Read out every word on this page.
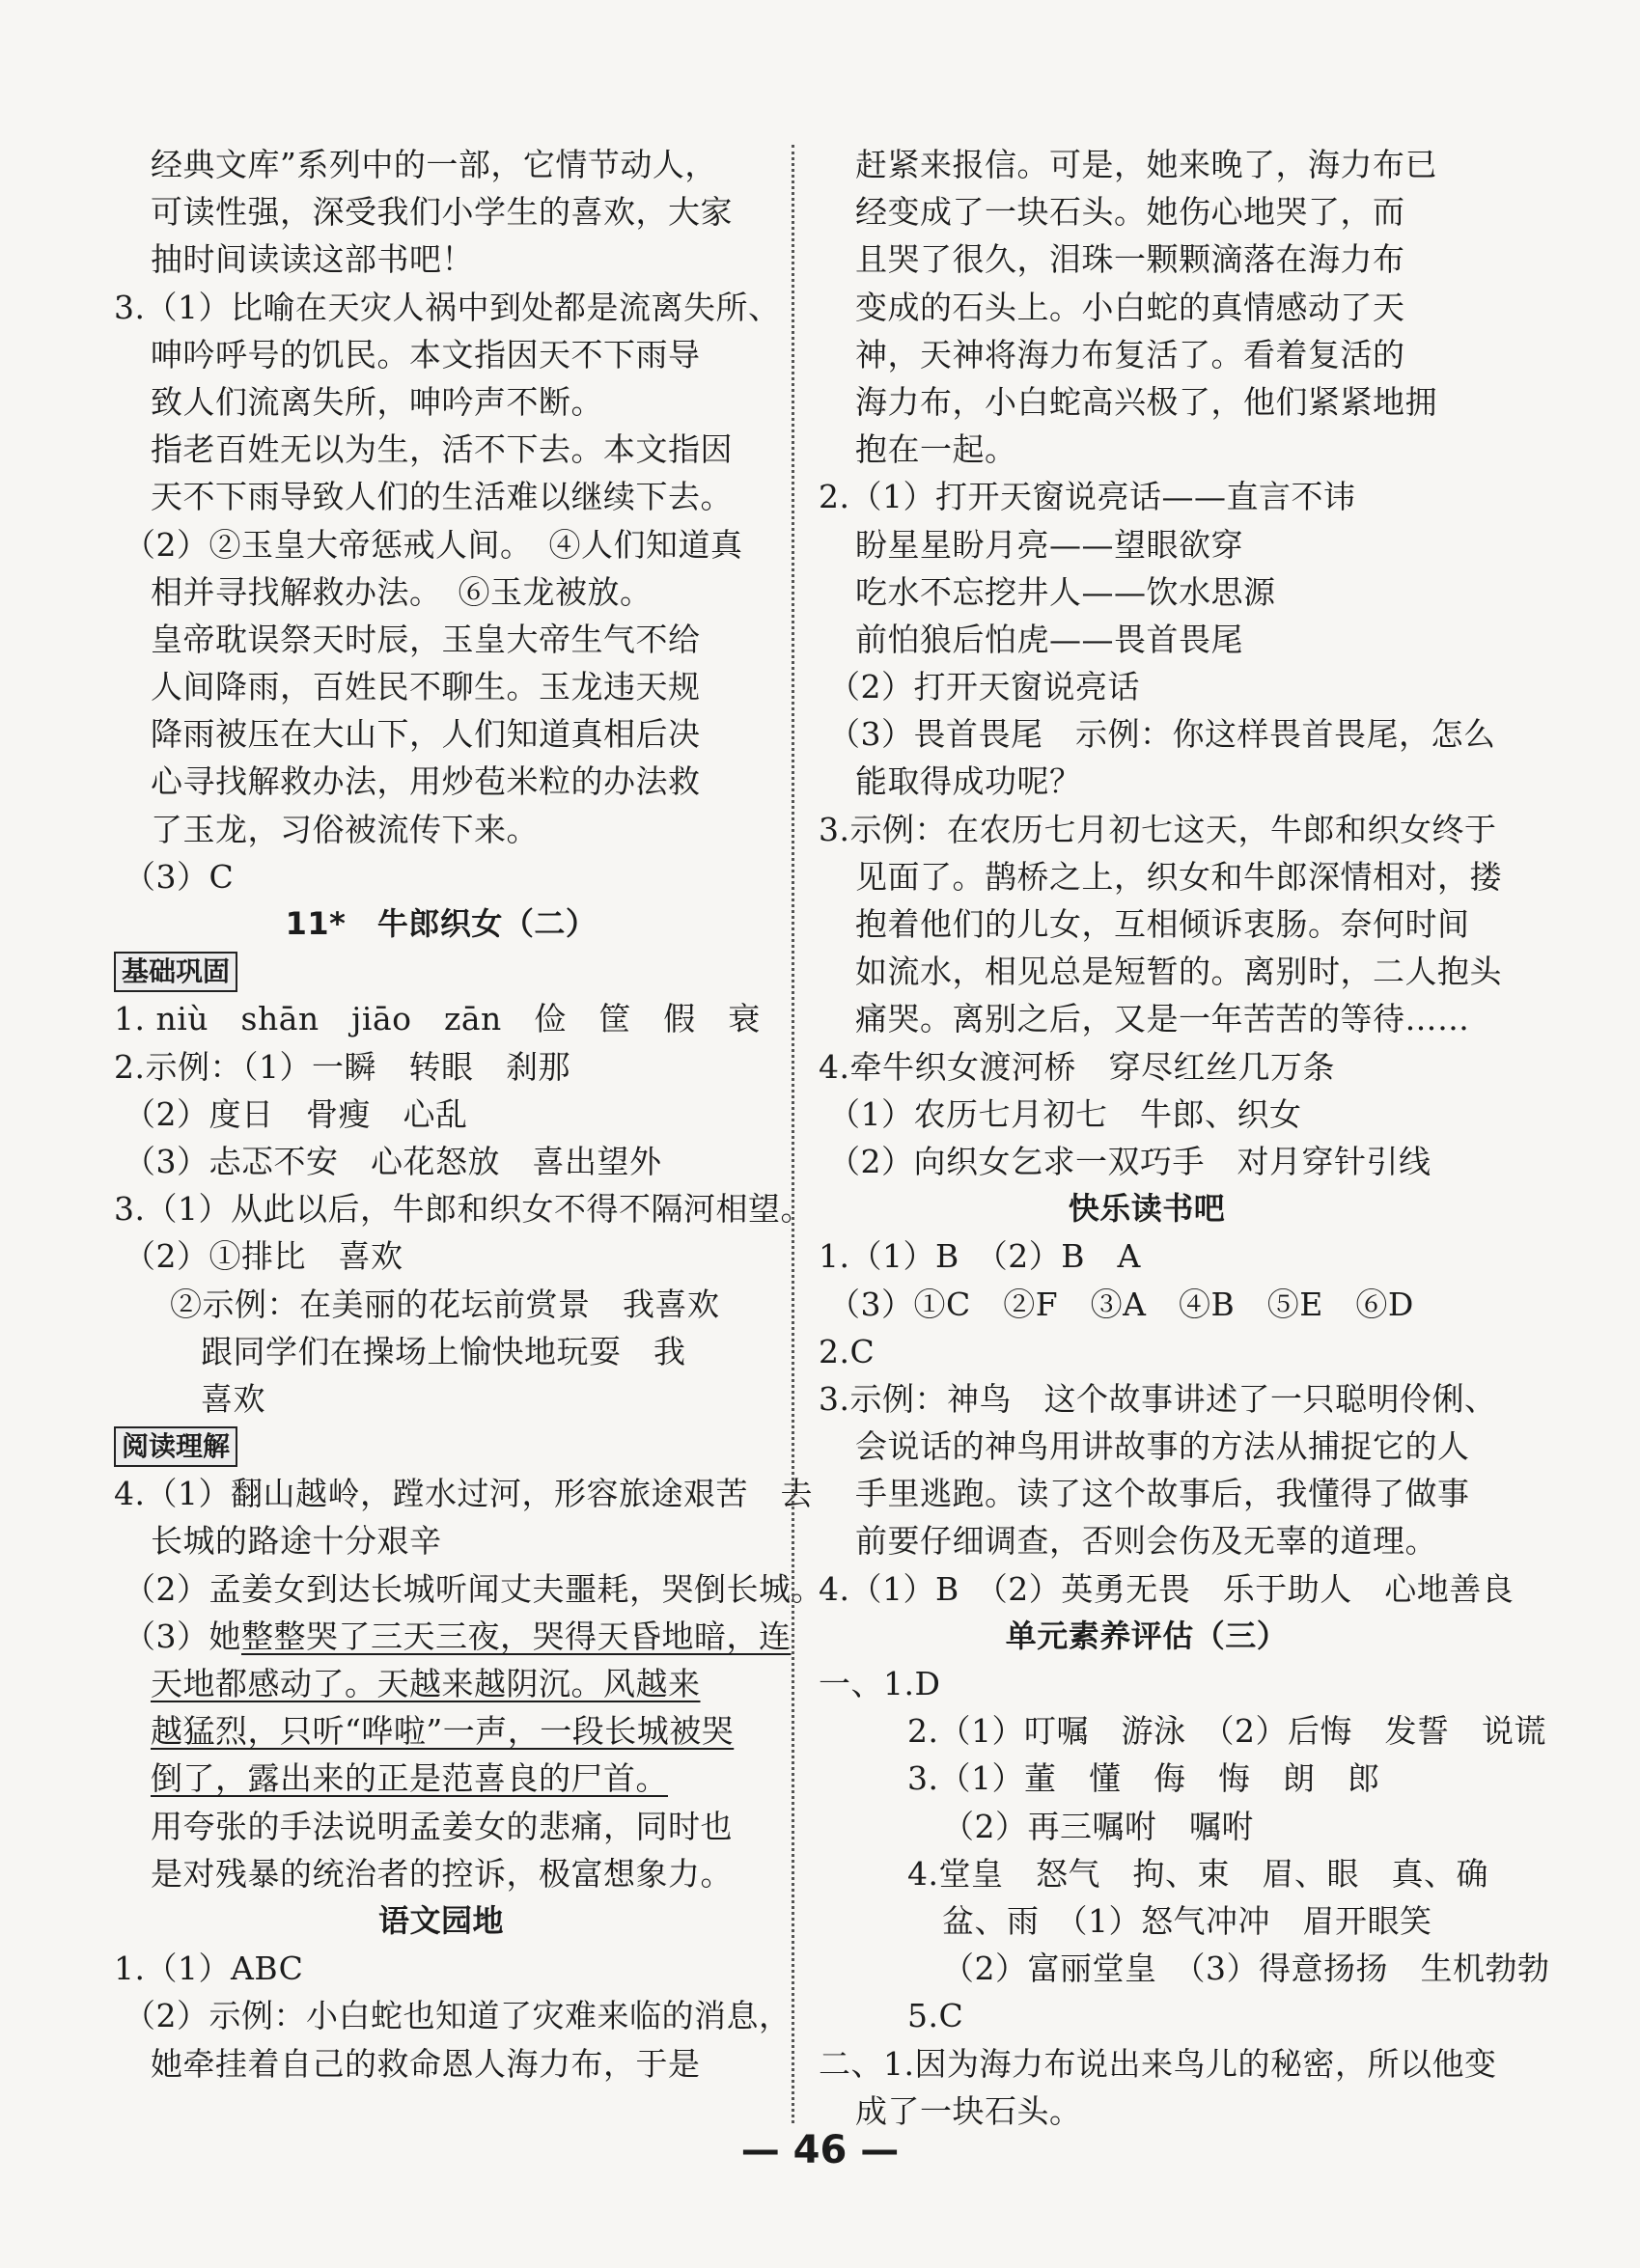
经典文库”系列中的一部，它情节动人，
可读性强，深受我们小学生的喜欢，大家
抽时间读读这部书吧！
3.（1）比喻在天灾人祸中到处都是流离失所、
呻吟呼号的饥民。本文指因天不下雨导
致人们流离失所，呻吟声不断。
指老百姓无以为生，活不下去。本文指因
天不下雨导致人们的生活难以继续下去。
（2）②玉皇大帝惩戒人间。　④人们知道真
相并寻找解救办法。　⑥玉龙被放。
皇帝耽误祭天时辰，玉皇大帝生气不给
人间降雨，百姓民不聊生。玉龙违天规
降雨被压在大山下，人们知道真相后决
心寻找解救办法，用炒苞米粒的办法救
了玉龙，习俗被流传下来。
（3）C
11*　牛郎织女（二）
基础巩固
1. niù　shān　jiāo　zān　俭　筐　假　衰
2.示例：（1）一瞬　转眼　刹那
（2）度日　骨瘦　心乱
（3）忐忑不安　心花怒放　喜出望外
3.（1）从此以后，牛郎和织女不得不隔河相望。
（2）①排比　喜欢
②示例：在美丽的花坛前赏景　我喜欢
跟同学们在操场上愉快地玩耍　我
喜欢
阅读理解
4.（1）翻山越岭，蹚水过河，形容旅途艰苦　去
长城的路途十分艰辛
（2）孟姜女到达长城听闻丈夫噩耗，哭倒长城。
（3）她整整哭了三天三夜，哭得天昏地暗，连
天地都感动了。天越来越阴沉。风越来
越猛烈，只听“哗啦”一声，一段长城被哭
倒了，露出来的正是范喜良的尸首。
用夸张的手法说明孟姜女的悲痛，同时也
是对残暴的统治者的控诉，极富想象力。
语文园地
1.（1）ABC
（2）示例：小白蛇也知道了灾难来临的消息，
她牵挂着自己的救命恩人海力布，于是
赶紧来报信。可是，她来晚了，海力布已
经变成了一块石头。她伤心地哭了，而
且哭了很久，泪珠一颗颗滴落在海力布
变成的石头上。小白蛇的真情感动了天
神，天神将海力布复活了。看着复活的
海力布，小白蛇高兴极了，他们紧紧地拥
抱在一起。
2.（1）打开天窗说亮话——直言不讳
盼星星盼月亮——望眼欲穿
吃水不忘挖井人——饮水思源
前怕狼后怕虎——畏首畏尾
（2）打开天窗说亮话
（3）畏首畏尾　示例：你这样畏首畏尾，怎么
能取得成功呢？
3.示例：在农历七月初七这天，牛郎和织女终于
见面了。鹊桥之上，织女和牛郎深情相对，搂
抱着他们的儿女，互相倾诉衷肠。奈何时间
如流水，相见总是短暂的。离别时，二人抱头
痛哭。离别之后，又是一年苦苦的等待……
4.牵牛织女渡河桥　穿尽红丝几万条
（1）农历七月初七　牛郎、织女
（2）向织女乞求一双巧手　对月穿针引线
快乐读书吧
1.（1）B　（2）B　A
（3）①C　②F　③A　④B　⑤E　⑥D
2.C
3.示例：神鸟　这个故事讲述了一只聪明伶俐、
会说话的神鸟用讲故事的方法从捕捉它的人
手里逃跑。读了这个故事后，我懂得了做事
前要仔细调查，否则会伤及无辜的道理。
4.（1）B　（2）英勇无畏　乐于助人　心地善良
单元素养评估（三）
一、1.D
2.（1）叮嘱　游泳　（2）后悔　发誓　说谎
3.（1）董　懂　侮　悔　朗　郎
（2）再三嘱咐　嘱咐
4.堂皇　怒气　拘、束　眉、眼　真、确
盆、雨　（1）怒气冲冲　眉开眼笑
（2）富丽堂皇　（3）得意扬扬　生机勃勃
5.C
二、1.因为海力布说出来鸟儿的秘密，所以他变
成了一块石头。
— 46 —
